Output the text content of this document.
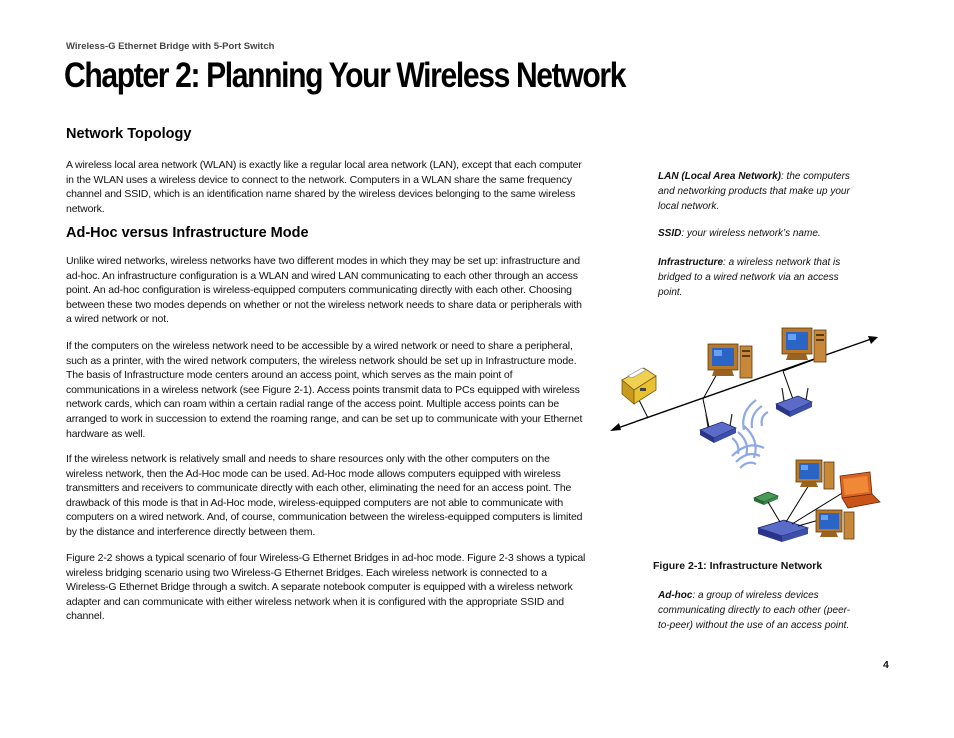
Wireless-G Ethernet Bridge with 5-Port Switch
Chapter 2: Planning Your Wireless Network
Network Topology

A wireless local area network (WLAN) is exactly like a regular local area network (LAN), except that each computer in the WLAN uses a wireless device to connect to the network. Computers in a WLAN share the same frequency channel and SSID, which is an identification name shared by the wireless devices belonging to the same wireless network.

Ad-Hoc versus Infrastructure Mode

Unlike wired networks, wireless networks have two different modes in which they may be set up: infrastructure and ad-hoc. An infrastructure configuration is a WLAN and wired LAN communicating to each other through an access point. An ad-hoc configuration is wireless-equipped computers communicating directly with each other. Choosing between these two modes depends on whether or not the wireless network needs to share data or peripherals with a wired network or not.

If the computers on the wireless network need to be accessible by a wired network or need to share a peripheral, such as a printer, with the wired network computers, the wireless network should be set up in Infrastructure mode. The basis of Infrastructure mode centers around an access point, which serves as the main point of communications in a wireless network (see Figure 2-1). Access points transmit data to PCs equipped with wireless network cards, which can roam within a certain radial range of the access point. Multiple access points can be arranged to work in succession to extend the roaming range, and can be set up to communicate with your Ethernet hardware as well.

If the wireless network is relatively small and needs to share resources only with the other computers on the wireless network, then the Ad-Hoc mode can be used. Ad-Hoc mode allows computers equipped with wireless transmitters and receivers to communicate directly with each other, eliminating the need for an access point. The drawback of this mode is that in Ad-Hoc mode, wireless-equipped computers are not able to communicate with computers on a wired network. And, of course, communication between the wireless-equipped computers is limited by the distance and interference directly between them.

Figure 2-2 shows a typical scenario of four Wireless-G Ethernet Bridges in ad-hoc mode. Figure 2-3 shows a typical wireless bridging scenario using two Wireless-G Ethernet Bridges. Each wireless network is connected to a Wireless-G Ethernet Bridge through a switch. A separate notebook computer is equipped with a wireless network adapter and can communicate with either wireless network when it is configured with the appropriate SSID and channel.

LAN (Local Area Network): the computers and networking products that make up your local network.

SSID: your wireless network’s name.

Infrastructure: a wireless network that is bridged to a wired network via an access point.

Ad-hoc: a group of wireless devices communicating directly to each other (peer-to-peer) without the use of an access point.

Figure 2-1: Infrastructure Network

4
